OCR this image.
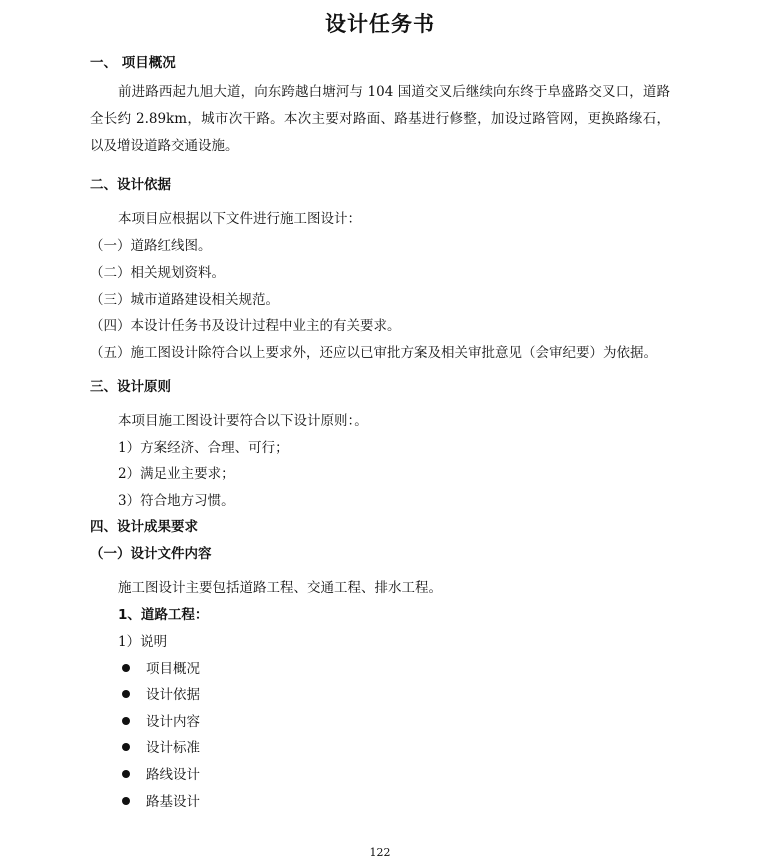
设计任务书
一、 项目概况
前进路西起九旭大道，向东跨越白塘河与 104 国道交叉后继续向东终于阜盛路交叉口，道路全长约 2.89km，城市次干路。本次主要对路面、路基进行修整，加设过路管网，更换路缘石，以及增设道路交通设施。
二、设计依据
本项目应根据以下文件进行施工图设计：
（一）道路红线图。
（二）相关规划资料。
（三）城市道路建设相关规范。
（四）本设计任务书及设计过程中业主的有关要求。
（五）施工图设计除符合以上要求外，还应以已审批方案及相关审批意见（会审纪要）为依据。
三、设计原则
本项目施工图设计要符合以下设计原则：。
1）方案经济、合理、可行；
2）满足业主要求；
3）符合地方习惯。
四、设计成果要求
（一）设计文件内容
施工图设计主要包括道路工程、交通工程、排水工程。
1、道路工程：
1）说明
项目概况
设计依据
设计内容
设计标准
路线设计
路基设计
122
